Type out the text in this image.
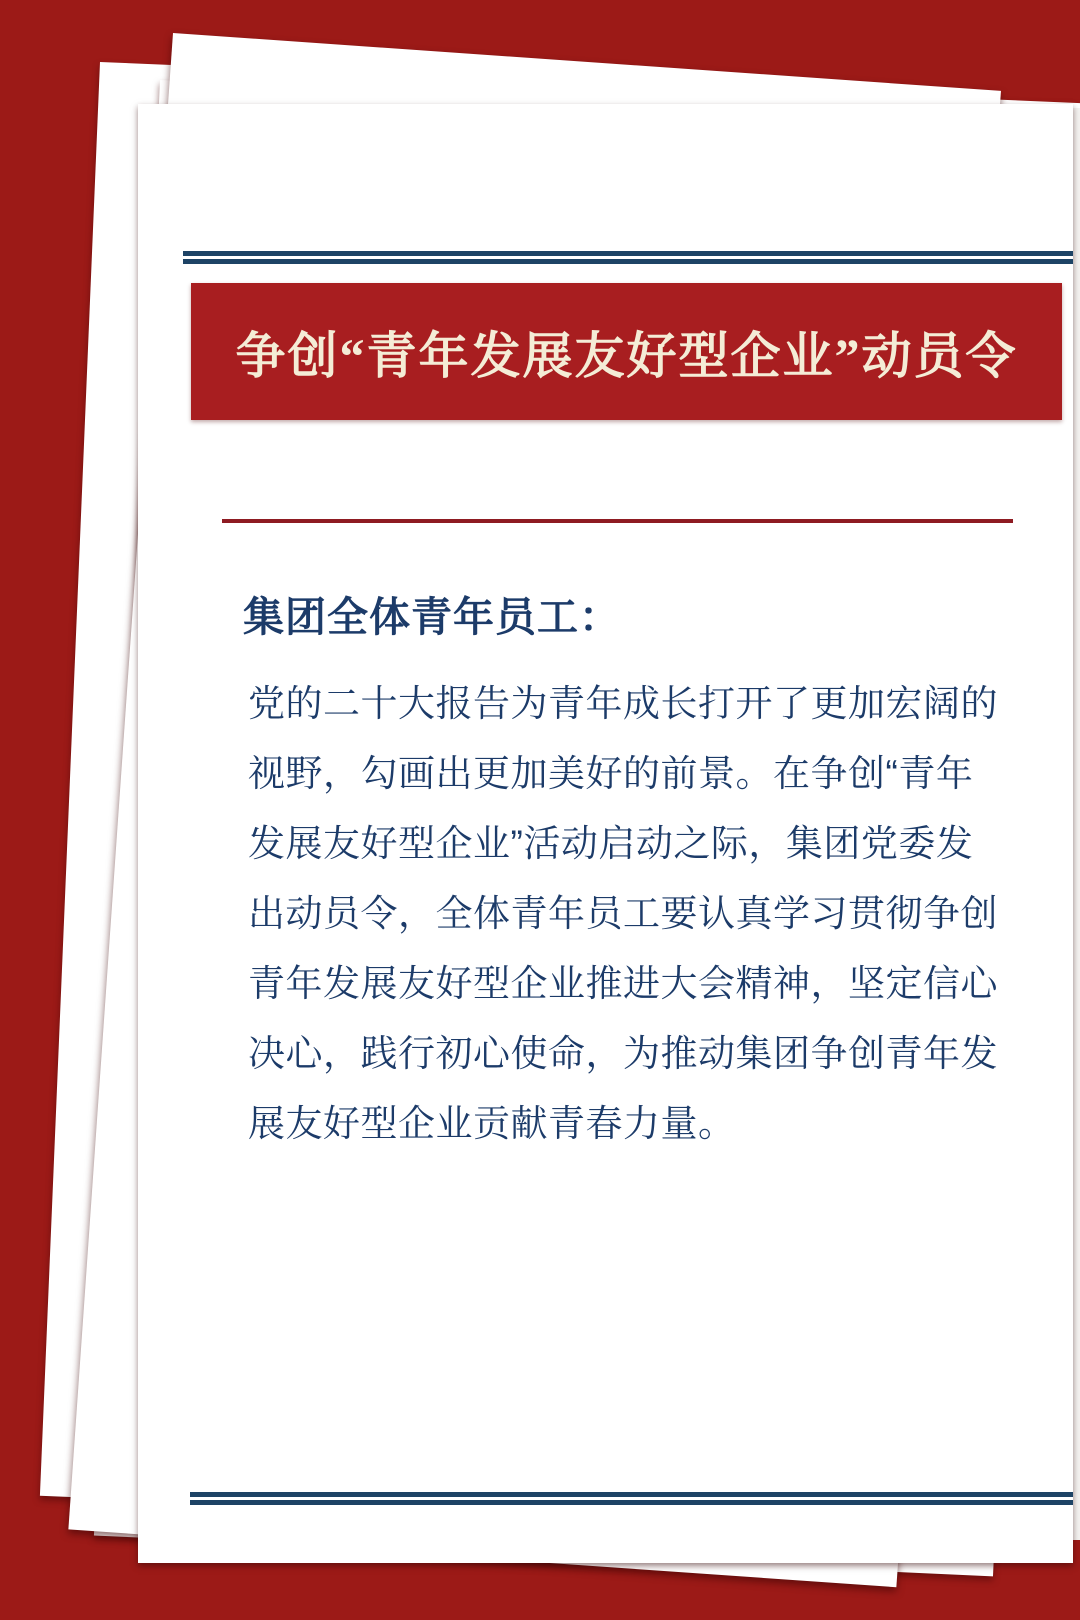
争创“青年发展友好型企业”动员令
集团全体青年员工：
党的二十大报告为青年成长打开了更加宏阔的
视野，勾画出更加美好的前景。在争创“青年
发展友好型企业”活动启动之际，集团党委发
出动员令，全体青年员工要认真学习贯彻争创
青年发展友好型企业推进大会精神，坚定信心
决心，践行初心使命，为推动集团争创青年发
展友好型企业贡献青春力量。
